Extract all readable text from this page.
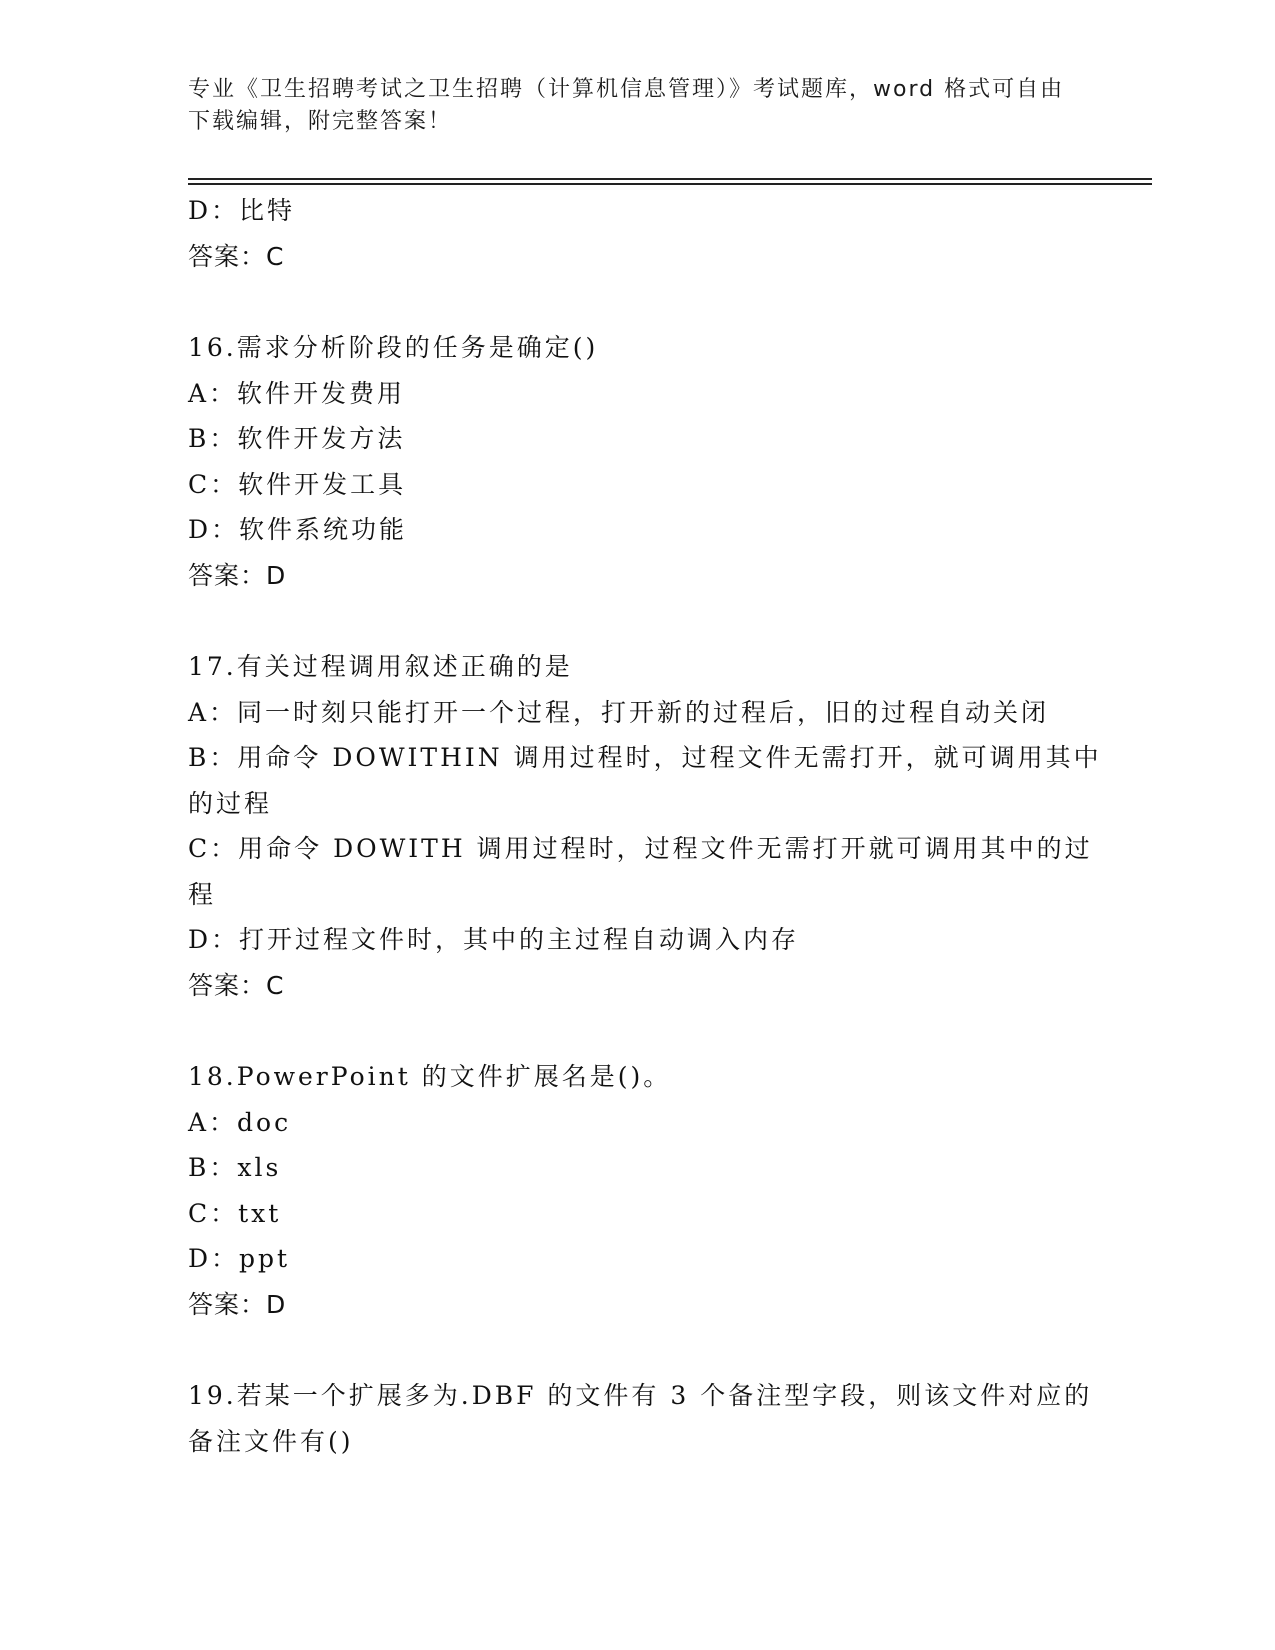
专业《卫生招聘考试之卫生招聘（计算机信息管理）》考试题库，word 格式可自由下载编辑，附完整答案！
D：比特
答案：C
16.需求分析阶段的任务是确定()
A：软件开发费用
B：软件开发方法
C：软件开发工具
D：软件系统功能
答案：D
17.有关过程调用叙述正确的是
A：同一时刻只能打开一个过程，打开新的过程后，旧的过程自动关闭
B：用命令 DOWITHIN 调用过程时，过程文件无需打开，就可调用其中的过程
C：用命令 DOWITH 调用过程时，过程文件无需打开就可调用其中的过程
D：打开过程文件时，其中的主过程自动调入内存
答案：C
18.PowerPoint 的文件扩展名是()。
A：doc
B：xls
C：txt
D：ppt
答案：D
19.若某一个扩展多为.DBF 的文件有 3 个备注型字段，则该文件对应的备注文件有()
